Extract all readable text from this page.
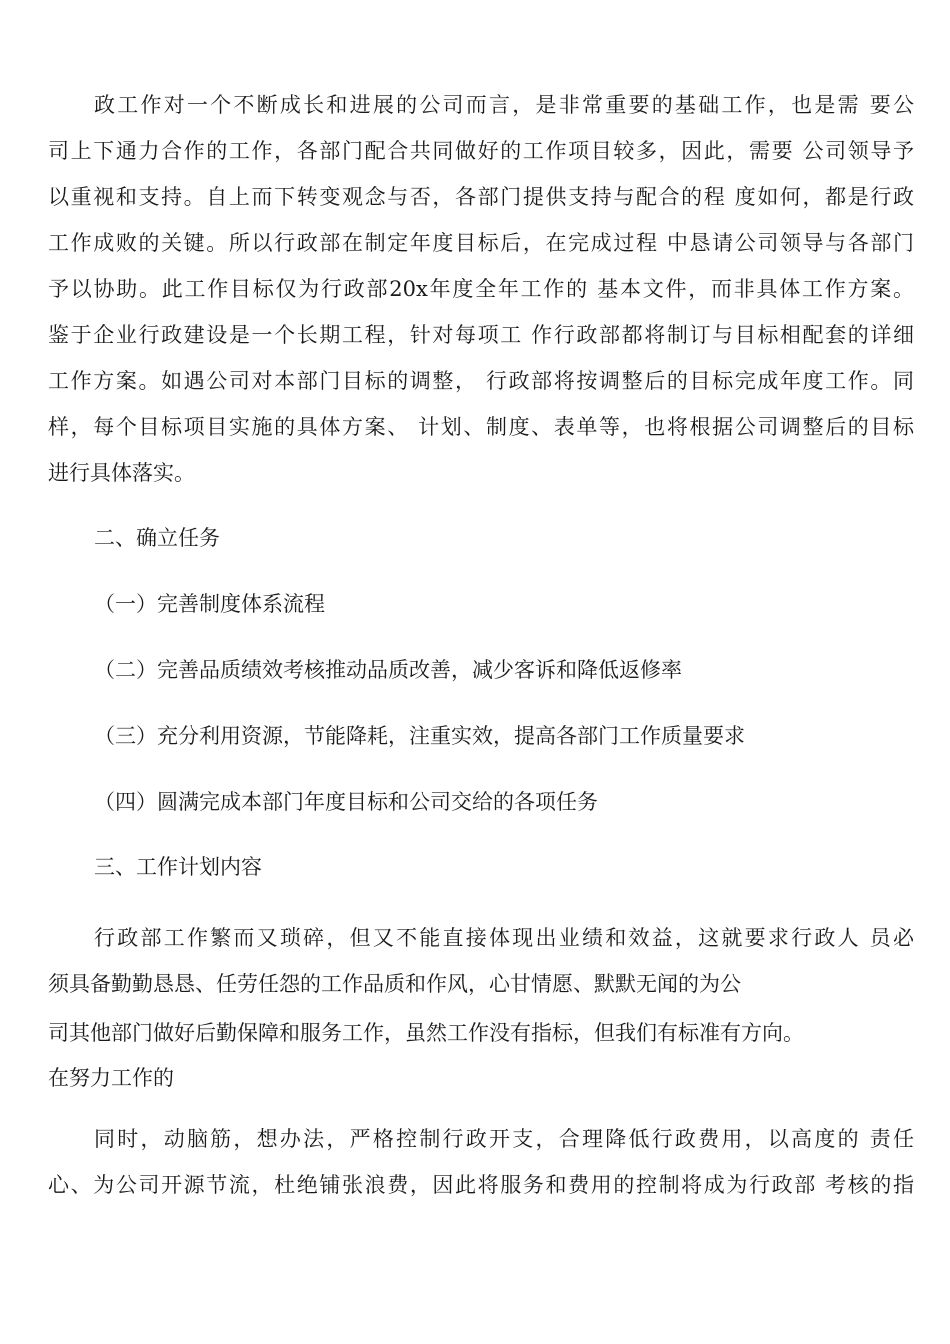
政工作对一个不断成长和进展的公司而言，是非常重要的基础工作，也是需 要公
司上下通力合作的工作，各部门配合共同做好的工作项目较多，因此，需要 公司领导予
以重视和支持。自上而下转变观念与否，各部门提供支持与配合的程 度如何，都是行政
工作成败的关键。所以行政部在制定年度目标后，在完成过程 中恳请公司领导与各部门
予以协助。此工作目标仅为行政部20x年度全年工作的 基本文件，而非具体工作方案。
鉴于企业行政建设是一个长期工程，针对每项工 作行政部都将制订与目标相配套的详细
工作方案。如遇公司对本部门目标的调整， 行政部将按调整后的目标完成年度工作。同
样，每个目标项目实施的具体方案、 计划、制度、表单等，也将根据公司调整后的目标
进行具体落实。
二、确立任务
（一）完善制度体系流程
（二）完善品质绩效考核推动品质改善，减少客诉和降低返修率
（三）充分利用资源，节能降耗，注重实效，提高各部门工作质量要求
（四）圆满完成本部门年度目标和公司交给的各项任务
三、工作计划内容
行政部工作繁而又琐碎，但又不能直接体现出业绩和效益，这就要求行政人 员必
须具备勤勤恳恳、任劳任怨的工作品质和作风，心甘情愿、默默无闻的为公
司其他部门做好后勤保障和服务工作，虽然工作没有指标，但我们有标准有方向。
在努力工作的
同时，动脑筋，想办法，严格控制行政开支，合理降低行政费用，以高度的 责任
心、为公司开源节流，杜绝铺张浪费，因此将服务和费用的控制将成为行政部 考核的指
